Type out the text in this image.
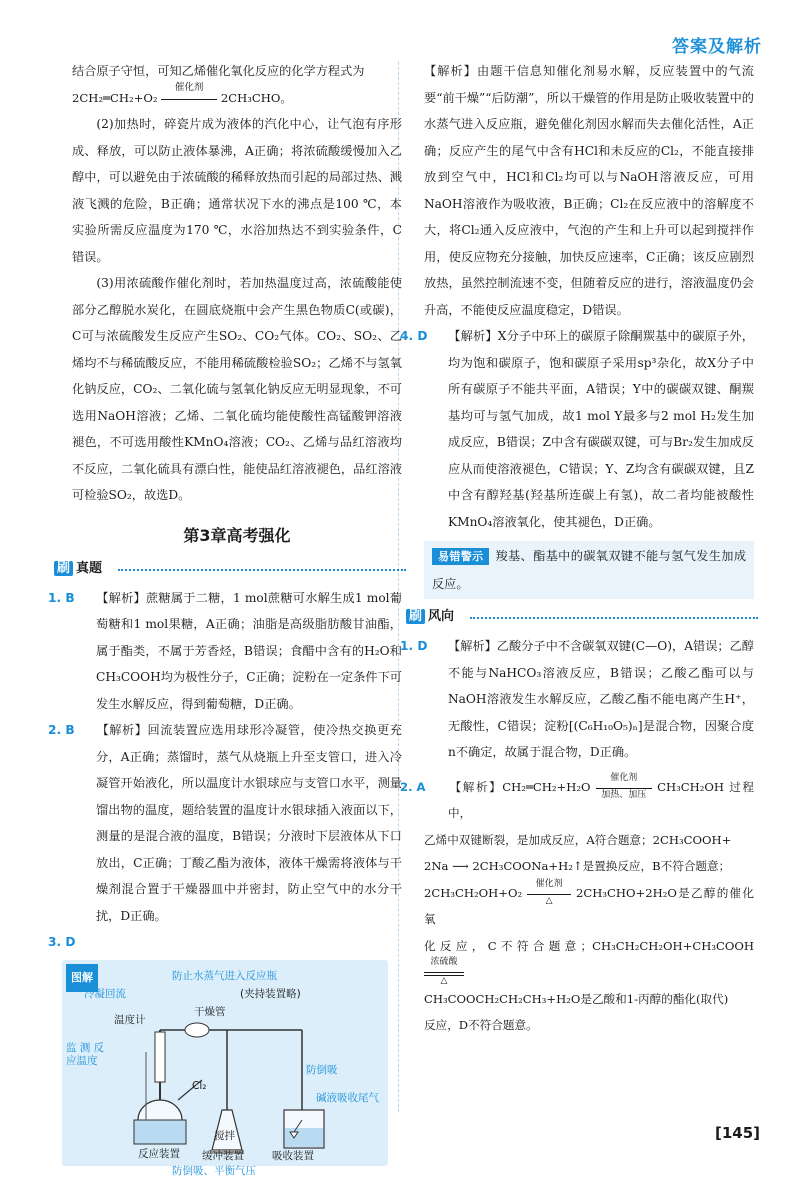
答案及解析

结合原子守恒，可知乙烯催化氧化反应的化学方程式为

2CH₂═CH₂+O₂
催化剂
2CH₃CHO。

(2)加热时，碎瓷片成为液体的汽化中心，让气泡有序形成、释放，可以防止液体暴沸，A正确；将浓硫酸缓慢加入乙醇中，可以避免由于浓硫酸的稀释放热而引起的局部过热、溅液飞溅的危险，B正确；通常状况下水的沸点是100 ℃，本实验所需反应温度为170 ℃，水浴加热达不到实验条件，C错误。

(3)用浓硫酸作催化剂时，若加热温度过高，浓硫酸能使部分乙醇脱水炭化，在圆底烧瓶中会产生黑色物质C(或碳)，C可与浓硫酸发生反应产生SO₂、CO₂气体。CO₂、SO₂、乙烯均不与稀硫酸反应，不能用稀硫酸检验SO₂；乙烯不与氢氧化钠反应，CO₂、二氧化硫与氢氧化钠反应无明显现象，不可选用NaOH溶液；乙烯、二氧化硫均能使酸性高锰酸钾溶液褪色，不可选用酸性KMnO₄溶液；CO₂、乙烯与品红溶液均不反应，二氧化硫具有漂白性，能使品红溶液褪色，品红溶液可检验SO₂，故选D。

第3章高考强化
刷 真题

1. B 【解析】蔗糖属于二糖，1 mol蔗糖可水解生成1 mol葡萄糖和1 mol果糖，A正确；油脂是高级脂肪酸甘油酯，属于酯类，不属于芳香烃，B错误；食醋中含有的H₂O和CH₃COOH均为极性分子，C正确；淀粉在一定条件下可发生水解反应，得到葡萄糖，D正确。

2. B 【解析】回流装置应选用球形冷凝管，使冷热交换更充分，A正确；蒸馏时，蒸气从烧瓶上升至支管口，进入冷凝管开始液化，所以温度计水银球应与支管口水平，测量馏出物的温度，题给装置的温度计水银球插入液面以下，测量的是混合液的温度，B错误；分液时下层液体从下口放出，C正确；丁酸乙酯为液体，液体干燥需将液体与干燥剂混合置于干燥器皿中并密封，防止空气中的水分干扰，D正确。

3. D

图解	防止水蒸气进入反应瓶
冷凝回流	(夹持装置略)
干燥管
温度计
监测反应温度
防倒吸
Cl₂
碱液吸收尾气
搅拌
反应装置 缓冲装置	吸收装置
防倒吸、平衡气压

【解析】由题干信息知催化剂易水解，反应装置中的气流要“前干燥”“后防潮”，所以干燥管的作用是防止吸收装置中的水蒸气进入反应瓶，避免催化剂因水解而失去催化活性，A正确；反应产生的尾气中含有HCl和未反应的Cl₂，不能直接排放到空气中，HCl和Cl₂均可以与NaOH溶液反应，可用NaOH溶液作为吸收液，B正确；Cl₂在反应液中的溶解度不大，将Cl₂通入反应液中，气泡的产生和上升可以起到搅拌作用，使反应物充分接触，加快反应速率，C正确；该反应剧烈放热，虽然控制流速不变，但随着反应的进行，溶液温度仍会升高，不能使反应温度稳定，D错误。

4. D 【解析】X分子中环上的碳原子除酮羰基中的碳原子外，均为饱和碳原子，饱和碳原子采用sp³杂化，故X分子中所有碳原子不能共平面，A错误；Y中的碳碳双键、酮羰基均可与氢气加成，故1 mol Y最多与2 mol H₂发生加成反应，B错误；Z中含有碳碳双键，可与Br₂发生加成反应从而使溶液褪色，C错误；Y、Z均含有碳碳双键，且Z中含有醇羟基(羟基所连碳上有氢)，故二者均能被酸性KMnO₄溶液氧化，使其褪色，D正确。

易错警示 羧基、酯基中的碳氧双键不能与氢气发生加成反应。
刷 风向

1. D 【解析】乙酸分子中不含碳氧双键(C—O)，A错误；乙醇不能与NaHCO₃溶液反应，B错误；乙酸乙酯可以与NaOH溶液发生水解反应，乙酸乙酯不能电离产生H⁺，无酸性，C错误；淀粉[(C₆H₁₀O₅)ₙ]是混合物，因聚合度n不确定，故属于混合物，D正确。

2. A 【解析】CH₂═CH₂+H₂O
催化剂
加热、加压
CH₃CH₂OH 过程中，

乙烯中双键断裂，是加成反应，A符合题意；2CH₃COOH+

2Na ⟶ 2CH₃COONa+H₂↑是置换反应，B不符合题意；

2CH₃CH₂OH+O₂
催化剂
△
2CH₃CHO+2H₂O是乙醇的催化氧

化反应，C不符合题意；CH₃CH₂CH₂OH+CH₃COOH
浓硫酸
△

CH₃COOCH₂CH₂CH₃+H₂O是乙酸和1-丙醇的酯化(取代)

反应，D不符合题意。

[145]
